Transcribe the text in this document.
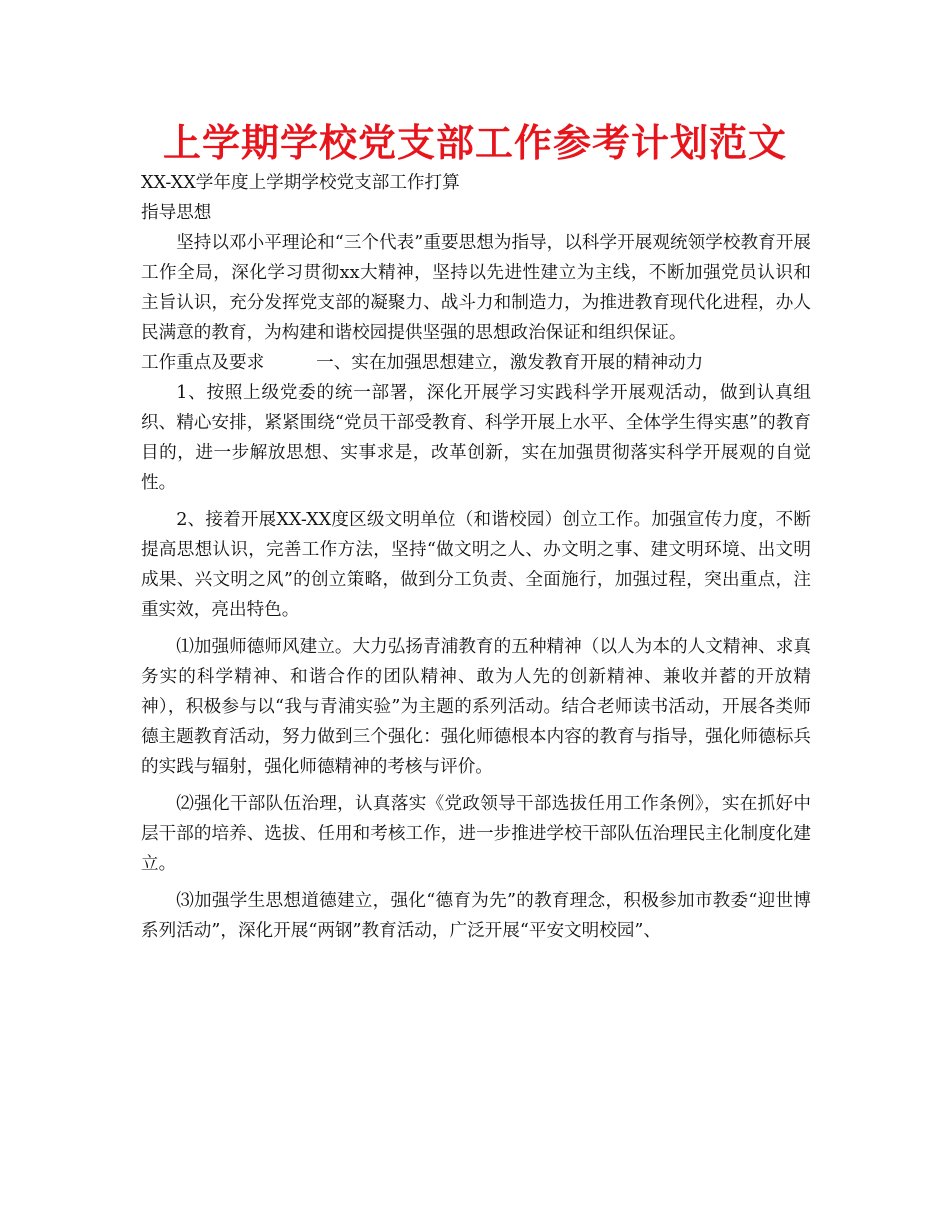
上学期学校党支部工作参考计划范文

XX-XX学年度上学期学校党支部工作打算

指导思想

坚持以邓小平理论和“三个代表”重要思想为指导，以科学开展观统领学校教育开展工作全局，深化学习贯彻xx大精神，坚持以先进性建立为主线，不断加强党员认识和主旨认识，充分发挥党支部的凝聚力、战斗力和制造力，为推进教育现代化进程，办人民满意的教育，为构建和谐校园提供坚强的思想政治保证和组织保证。

工作重点及要求	一、实在加强思想建立，激发教育开展的精神动力

1、按照上级党委的统一部署，深化开展学习实践科学开展观活动，做到认真组织、精心安排，紧紧围绕“党员干部受教育、科学开展上水平、全体学生得实惠”的教育目的，进一步解放思想、实事求是，改革创新，实在加强贯彻落实科学开展观的自觉性。

2、接着开展XX-XX度区级文明单位（和谐校园）创立工作。加强宣传力度，不断提高思想认识，完善工作方法，坚持“做文明之人、办文明之事、建文明环境、出文明成果、兴文明之风”的创立策略，做到分工负责、全面施行，加强过程，突出重点，注重实效，亮出特色。

⑴加强师德师风建立。大力弘扬青浦教育的五种精神（以人为本的人文精神、求真务实的科学精神、和谐合作的团队精神、敢为人先的创新精神、兼收并蓄的开放精神），积极参与以“我与青浦实验”为主题的系列活动。结合老师读书活动，开展各类师德主题教育活动，努力做到三个强化：强化师德根本内容的教育与指导，强化师德标兵的实践与辐射，强化师德精神的考核与评价。

⑵强化干部队伍治理，认真落实《党政领导干部选拔任用工作条例》，实在抓好中层干部的培养、选拔、任用和考核工作，进一步推进学校干部队伍治理民主化制度化建立。

⑶加强学生思想道德建立，强化“德育为先”的教育理念，积极参加市教委“迎世博系列活动”，深化开展“两钢”教育活动，广泛开展“平安文明校园”、
